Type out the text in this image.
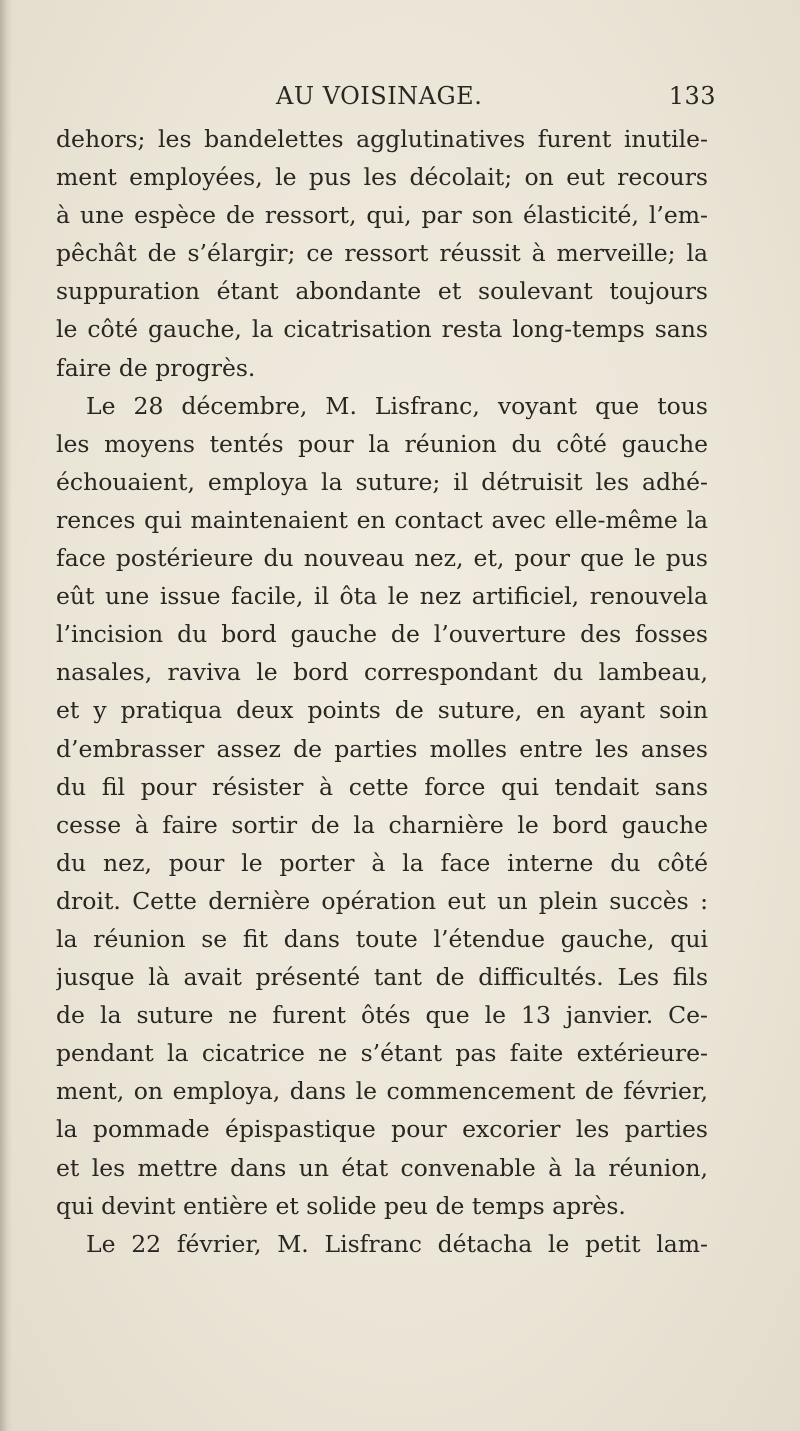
AU VOISINAGE.	133
dehors; les bandelettes agglutinatives furent inutile-
ment employées, le pus les décolait; on eut recours
à une espèce de ressort, qui, par son élasticité, l’em-
pêchât de s’élargir; ce ressort réussit à merveille; la
suppuration étant abondante et soulevant toujours
le côté gauche, la cicatrisation resta long-temps sans
faire de progrès.
Le 28 décembre, M. Lisfranc, voyant que tous
les moyens tentés pour la réunion du côté gauche
échouaient, employa la suture; il détruisit les adhé-
rences qui maintenaient en contact avec elle-même la
face postérieure du nouveau nez, et, pour que le pus
eût une issue facile, il ôta le nez artificiel, renouvela
l’incision du bord gauche de l’ouverture des fosses
nasales, raviva le bord correspondant du lambeau,
et y pratiqua deux points de suture, en ayant soin
d’embrasser assez de parties molles entre les anses
du fil pour résister à cette force qui tendait sans
cesse à faire sortir de la charnière le bord gauche
du nez, pour le porter à la face interne du côté
droit. Cette dernière opération eut un plein succès :
la réunion se fit dans toute l’étendue gauche, qui
jusque là avait présenté tant de difficultés. Les fils
de la suture ne furent ôtés que le 13 janvier. Ce-
pendant la cicatrice ne s’étant pas faite extérieure-
ment, on employa, dans le commencement de février,
la pommade épispastique pour excorier les parties
et les mettre dans un état convenable à la réunion,
qui devint entière et solide peu de temps après.
Le 22 février, M. Lisfranc détacha le petit lam-
